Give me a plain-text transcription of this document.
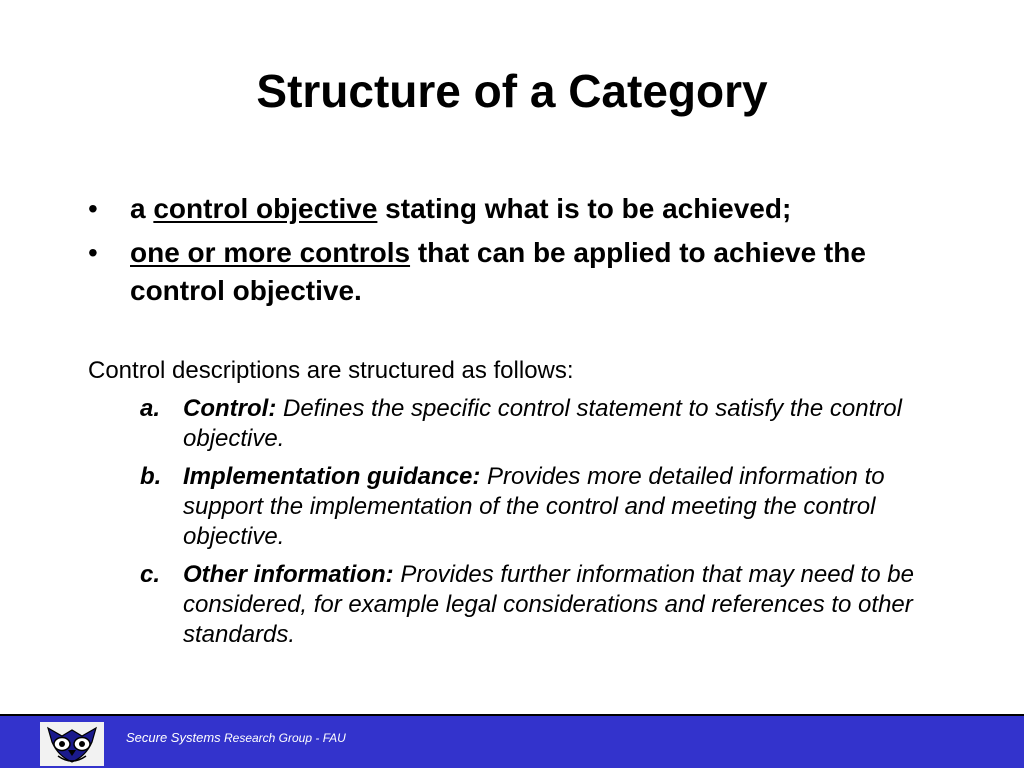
Structure of a Category
• a control objective stating what is to be achieved;
• one or more controls that can be applied to achieve the control objective.

Control descriptions are structured as follows:

a. Control: Defines the specific control statement to satisfy the control objective.
b. Implementation guidance: Provides more detailed information to support the implementation of the control and meeting the control objective.
c. Other information: Provides further information that may need to be considered, for example legal considerations and references to other standards.
Secure Systems Research Group - FAU
